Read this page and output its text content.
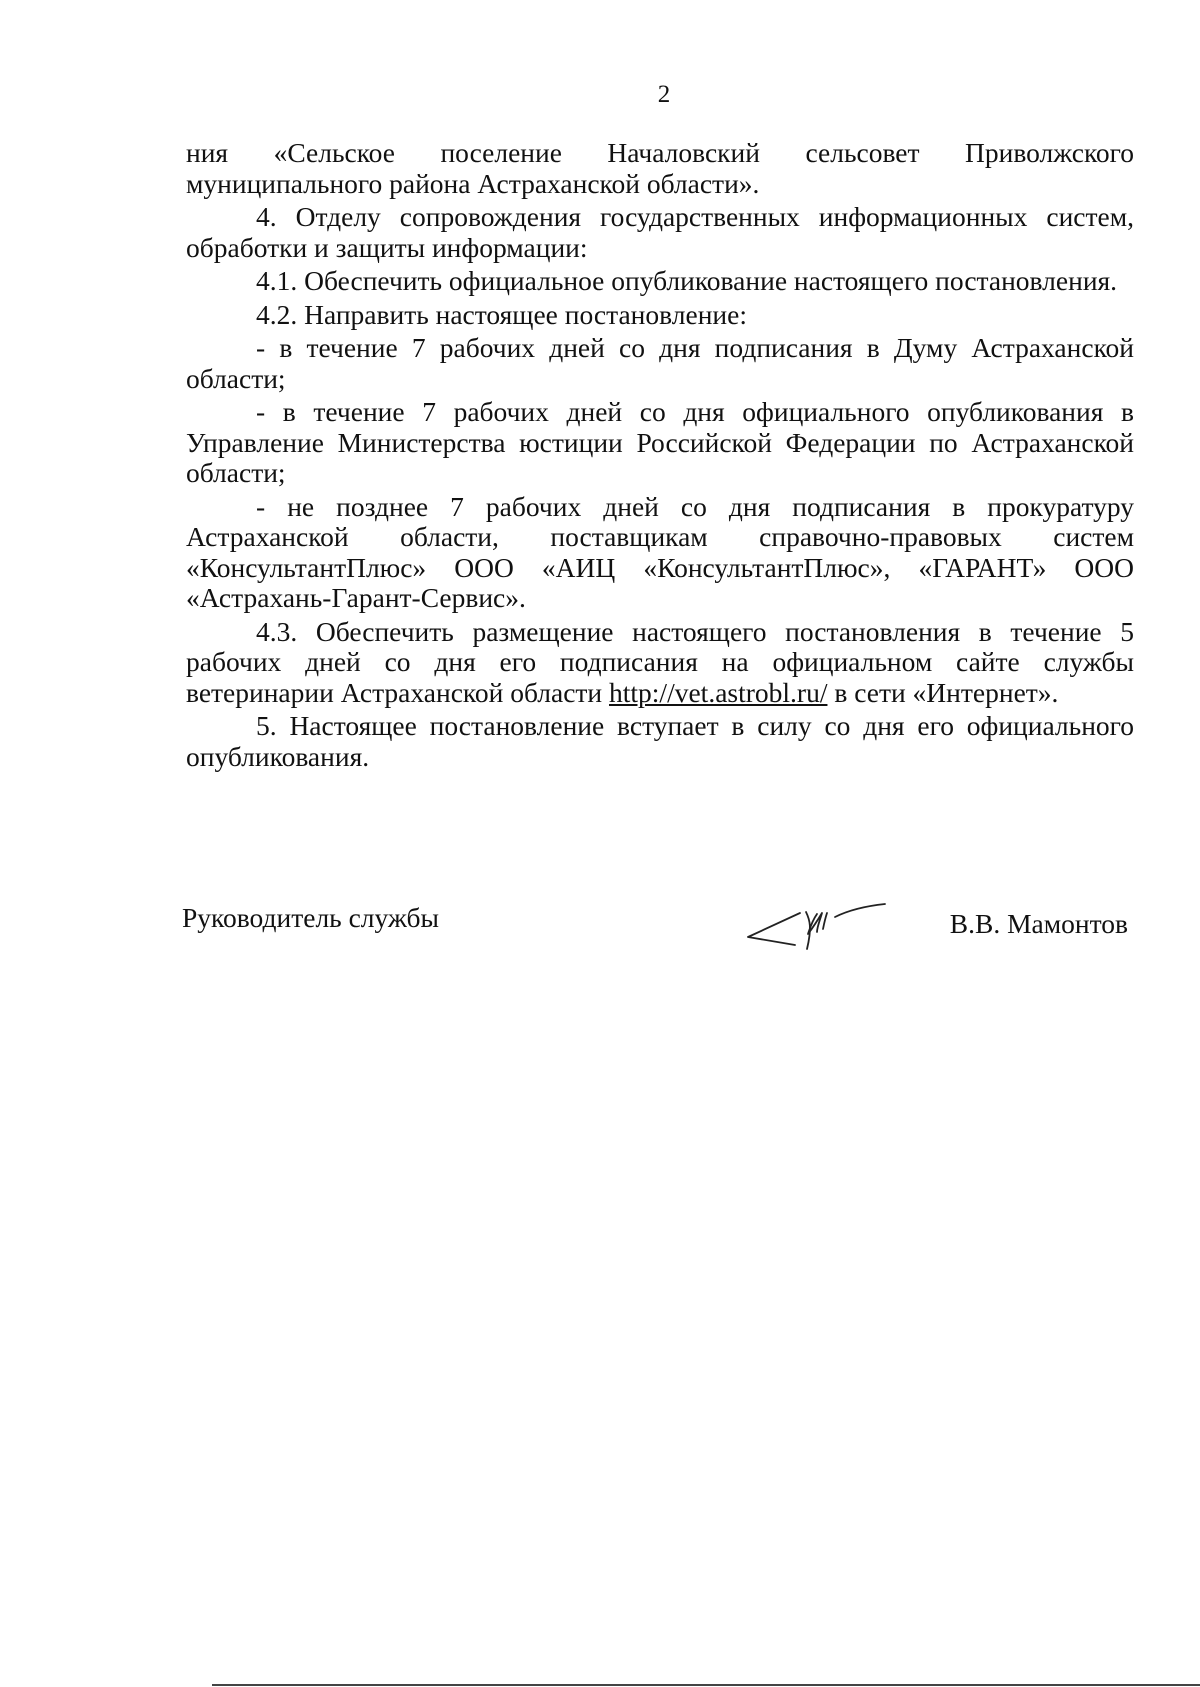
2

ния «Сельское поселение Началовский сельсовет Приволжского муниципального района Астраханской области».

4. Отделу сопровождения государственных информационных систем, обработки и защиты информации:

4.1. Обеспечить официальное опубликование настоящего постановления.

4.2. Направить настоящее постановление:

- в течение 7 рабочих дней со дня подписания в Думу Астраханской области;

- в течение 7 рабочих дней со дня официального опубликования в Управление Министерства юстиции Российской Федерации по Астраханской области;

- не позднее 7 рабочих дней со дня подписания в прокуратуру Астраханской области, поставщикам справочно-правовых систем «КонсультантПлюс» ООО «АИЦ «КонсультантПлюс», «ГАРАНТ» ООО «Астрахань-Гарант-Сервис».

4.3. Обеспечить размещение настоящего постановления в течение 5 рабочих дней со дня его подписания на официальном сайте службы ветеринарии Астраханской области http://vet.astrobl.ru/ в сети «Интернет».

5. Настоящее постановление вступает в силу со дня его официального опубликования.

Руководитель службы	В.В. Мамонтов
